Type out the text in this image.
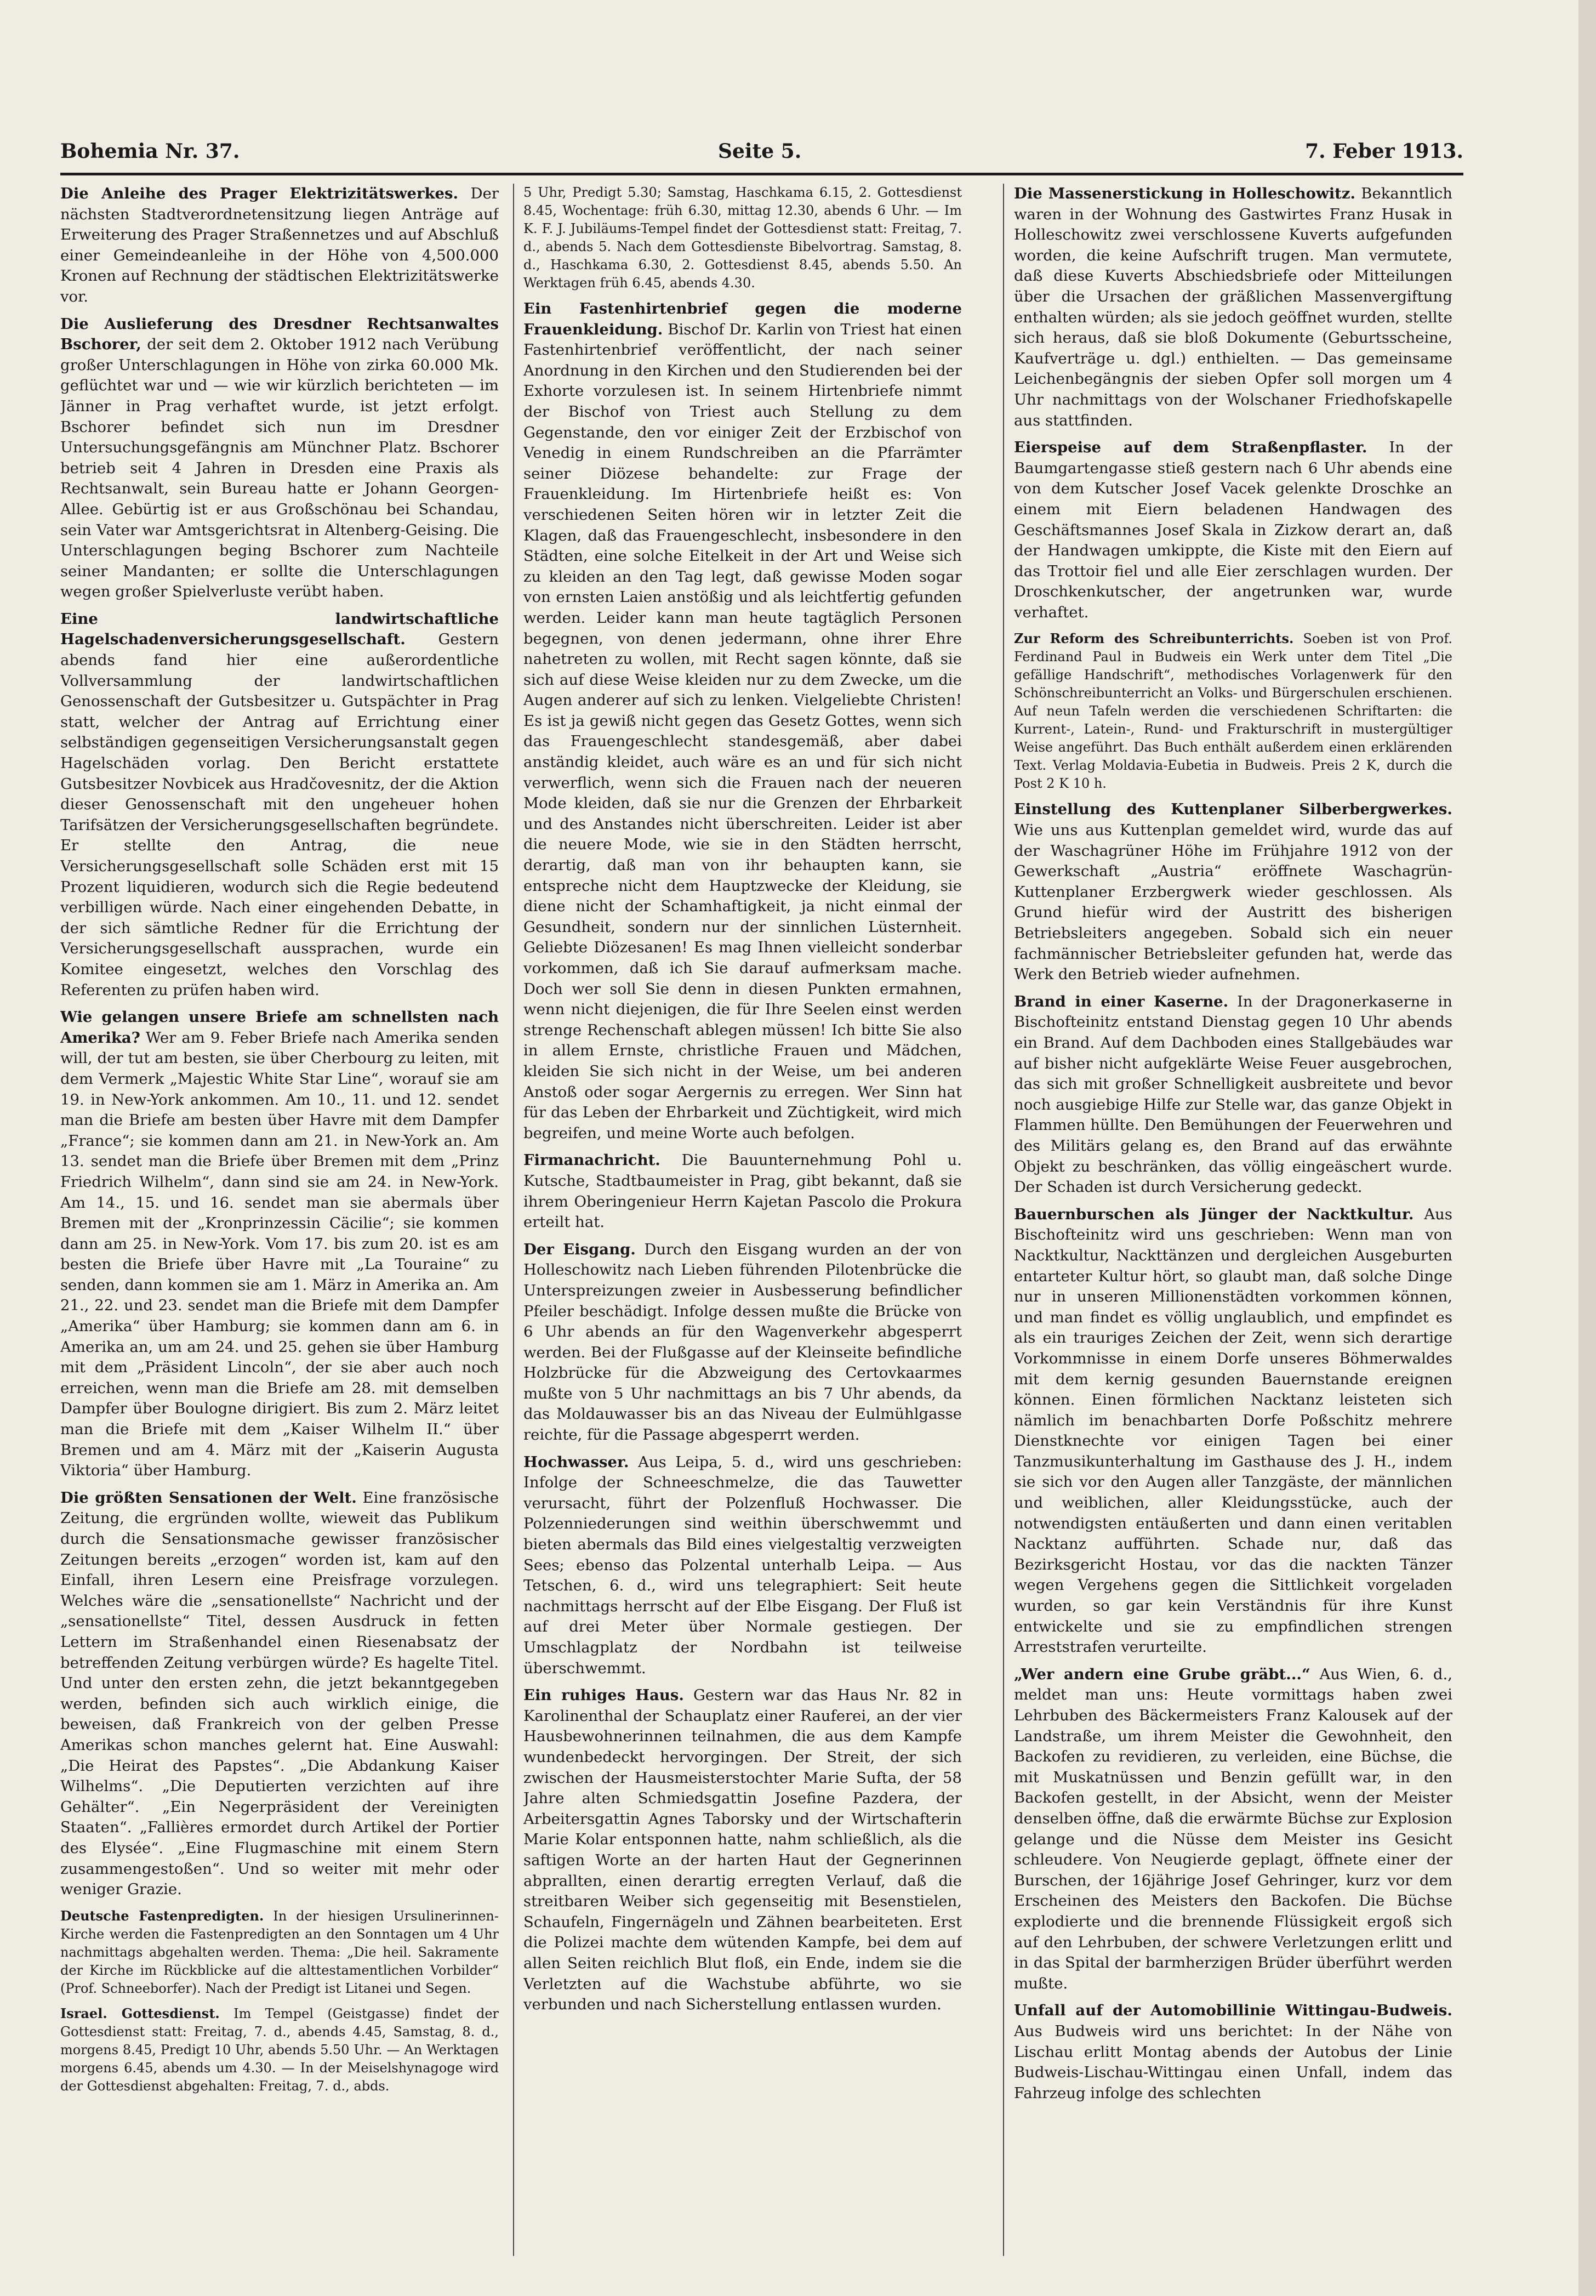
Bohemia Nr. 37.	Seite 5.	7. Feber 1913.

Die Anleihe des Prager Elektrizitätswerkes. Der nächsten Stadtverordnetensitzung liegen Anträge auf Erweiterung des Prager Straßennetzes und auf Abschluß einer Gemeindeanleihe in der Höhe von 4,500.000 Kronen auf Rechnung der städtischen Elektrizitätswerke vor.

Die Auslieferung des Dresdner Rechtsanwaltes Bschorer, der seit dem 2. Oktober 1912 nach Verübung großer Unterschlagungen in Höhe von zirka 60.000 Mk. geflüchtet war und — wie wir kürzlich berichteten — im Jänner in Prag verhaftet wurde, ist jetzt erfolgt. Bschorer befindet sich nun im Dresdner Untersuchungsgefängnis am Münchner Platz. Bschorer betrieb seit 4 Jahren in Dresden eine Praxis als Rechtsanwalt, sein Bureau hatte er Johann Georgen-Allee. Gebürtig ist er aus Großschönau bei Schandau, sein Vater war Amtsgerichtsrat in Altenberg-Geising. Die Unterschlagungen beging Bschorer zum Nachteile seiner Mandanten; er sollte die Unterschlagungen wegen großer Spielverluste verübt haben.

Eine landwirtschaftliche Hagelschadenversicherungsgesellschaft. Gestern abends fand hier eine außerordentliche Vollversammlung der landwirtschaftlichen Genossenschaft der Gutsbesitzer u. Gutspächter in Prag statt, welcher der Antrag auf Errichtung einer selbständigen gegenseitigen Versicherungsanstalt gegen Hagelschäden vorlag. Den Bericht erstattete Gutsbesitzer Novbicek aus Hradčovesnitz, der die Aktion dieser Genossenschaft mit den ungeheuer hohen Tarifsätzen der Versicherungsgesellschaften begründete. Er stellte den Antrag, die neue Versicherungsgesellschaft solle Schäden erst mit 15 Prozent liquidieren, wodurch sich die Regie bedeutend verbilligen würde. Nach einer eingehenden Debatte, in der sich sämtliche Redner für die Errichtung der Versicherungsgesellschaft aussprachen, wurde ein Komitee eingesetzt, welches den Vorschlag des Referenten zu prüfen haben wird.

Wie gelangen unsere Briefe am schnellsten nach Amerika? Wer am 9. Feber Briefe nach Amerika senden will, der tut am besten, sie über Cherbourg zu leiten, mit dem Vermerk „Majestic White Star Line“, worauf sie am 19. in New-York ankommen. Am 10., 11. und 12. sendet man die Briefe am besten über Havre mit dem Dampfer „France“; sie kommen dann am 21. in New-York an. Am 13. sendet man die Briefe über Bremen mit dem „Prinz Friedrich Wilhelm“, dann sind sie am 24. in New-York. Am 14., 15. und 16. sendet man sie abermals über Bremen mit der „Kronprinzessin Cäcilie“; sie kommen dann am 25. in New-York. Vom 17. bis zum 20. ist es am besten die Briefe über Havre mit „La Touraine“ zu senden, dann kommen sie am 1. März in Amerika an. Am 21., 22. und 23. sendet man die Briefe mit dem Dampfer „Amerika“ über Hamburg; sie kommen dann am 6. in Amerika an, um am 24. und 25. gehen sie über Hamburg mit dem „Präsident Lincoln“, der sie aber auch noch erreichen, wenn man die Briefe am 28. mit demselben Dampfer über Boulogne dirigiert. Bis zum 2. März leitet man die Briefe mit dem „Kaiser Wilhelm II.“ über Bremen und am 4. März mit der „Kaiserin Augusta Viktoria“ über Hamburg.

Die größten Sensationen der Welt. Eine französische Zeitung, die ergründen wollte, wieweit das Publikum durch die Sensationsmache gewisser französischer Zeitungen bereits „erzogen“ worden ist, kam auf den Einfall, ihren Lesern eine Preisfrage vorzulegen. Welches wäre die „sensationellste“ Nachricht und der „sensationellste“ Titel, dessen Ausdruck in fetten Lettern im Straßenhandel einen Riesenabsatz der betreffenden Zeitung verbürgen würde? Es hagelte Titel. Und unter den ersten zehn, die jetzt bekanntgegeben werden, befinden sich auch wirklich einige, die beweisen, daß Frankreich von der gelben Presse Amerikas schon manches gelernt hat. Eine Auswahl: „Die Heirat des Papstes“. „Die Abdankung Kaiser Wilhelms“. „Die Deputierten verzichten auf ihre Gehälter“. „Ein Negerpräsident der Vereinigten Staaten“. „Fallières ermordet durch Artikel der Portier des Elysée“. „Eine Flugmaschine mit einem Stern zusammengestoßen“. Und so weiter mit mehr oder weniger Grazie.

Deutsche Fastenpredigten. In der hiesigen Ursulinerinnen-Kirche werden die Fastenpredigten an den Sonntagen um 4 Uhr nachmittags abgehalten werden. Thema: „Die heil. Sakramente der Kirche im Rückblicke auf die alttestamentlichen Vorbilder“ (Prof. Schneeborfer). Nach der Predigt ist Litanei und Segen.

Israel. Gottesdienst. Im Tempel (Geistgasse) findet der Gottesdienst statt: Freitag, 7. d., abends 4.45, Samstag, 8. d., morgens 8.45, Predigt 10 Uhr, abends 5.50 Uhr. — An Werktagen morgens 6.45, abends um 4.30. — In der Meiselshynagoge wird der Gottesdienst abgehalten: Freitag, 7. d., abds.

5 Uhr, Predigt 5.30; Samstag, Haschkama 6.15, 2. Gottesdienst 8.45, Wochentage: früh 6.30, mittag 12.30, abends 6 Uhr. — Im K. F. J. Jubiläums-Tempel findet der Gottesdienst statt: Freitag, 7. d., abends 5. Nach dem Gottesdienste Bibelvortrag. Samstag, 8. d., Haschkama 6.30, 2. Gottesdienst 8.45, abends 5.50. An Werktagen früh 6.45, abends 4.30.

Ein Fastenhirtenbrief gegen die moderne Frauenkleidung. Bischof Dr. Karlin von Triest hat einen Fastenhirtenbrief veröffentlicht, der nach seiner Anordnung in den Kirchen und den Studierenden bei der Exhorte vorzulesen ist. In seinem Hirtenbriefe nimmt der Bischof von Triest auch Stellung zu dem Gegenstande, den vor einiger Zeit der Erzbischof von Venedig in einem Rundschreiben an die Pfarrämter seiner Diözese behandelte: zur Frage der Frauenkleidung. Im Hirtenbriefe heißt es: Von verschiedenen Seiten hören wir in letzter Zeit die Klagen, daß das Frauengeschlecht, insbesondere in den Städten, eine solche Eitelkeit in der Art und Weise sich zu kleiden an den Tag legt, daß gewisse Moden sogar von ernsten Laien anstößig und als leichtfertig gefunden werden. Leider kann man heute tagtäglich Personen begegnen, von denen jedermann, ohne ihrer Ehre nahetreten zu wollen, mit Recht sagen könnte, daß sie sich auf diese Weise kleiden nur zu dem Zwecke, um die Augen anderer auf sich zu lenken. Vielgeliebte Christen! Es ist ja gewiß nicht gegen das Gesetz Gottes, wenn sich das Frauengeschlecht standesgemäß, aber dabei anständig kleidet, auch wäre es an und für sich nicht verwerflich, wenn sich die Frauen nach der neueren Mode kleiden, daß sie nur die Grenzen der Ehrbarkeit und des Anstandes nicht überschreiten. Leider ist aber die neuere Mode, wie sie in den Städten herrscht, derartig, daß man von ihr behaupten kann, sie entspreche nicht dem Hauptzwecke der Kleidung, sie diene nicht der Schamhaftigkeit, ja nicht einmal der Gesundheit, sondern nur der sinnlichen Lüsternheit. Geliebte Diözesanen! Es mag Ihnen vielleicht sonderbar vorkommen, daß ich Sie darauf aufmerksam mache. Doch wer soll Sie denn in diesen Punkten ermahnen, wenn nicht diejenigen, die für Ihre Seelen einst werden strenge Rechenschaft ablegen müssen! Ich bitte Sie also in allem Ernste, christliche Frauen und Mädchen, kleiden Sie sich nicht in der Weise, um bei anderen Anstoß oder sogar Aergernis zu erregen. Wer Sinn hat für das Leben der Ehrbarkeit und Züchtigkeit, wird mich begreifen, und meine Worte auch befolgen.

Firmanachricht. Die Bauunternehmung Pohl u. Kutsche, Stadtbaumeister in Prag, gibt bekannt, daß sie ihrem Oberingenieur Herrn Kajetan Pascolo die Prokura erteilt hat.

Der Eisgang. Durch den Eisgang wurden an der von Holleschowitz nach Lieben führenden Pilotenbrücke die Unterspreizungen zweier in Ausbesserung befindlicher Pfeiler beschädigt. Infolge dessen mußte die Brücke von 6 Uhr abends an für den Wagenverkehr abgesperrt werden. Bei der Flußgasse auf der Kleinseite befindliche Holzbrücke für die Abzweigung des Certovkaarmes mußte von 5 Uhr nachmittags an bis 7 Uhr abends, da das Moldauwasser bis an das Niveau der Eulmühlgasse reichte, für die Passage abgesperrt werden.

Hochwasser. Aus Leipa, 5. d., wird uns geschrieben: Infolge der Schneeschmelze, die das Tauwetter verursacht, führt der Polzenfluß Hochwasser. Die Polzenniederungen sind weithin überschwemmt und bieten abermals das Bild eines vielgestaltig verzweigten Sees; ebenso das Polzental unterhalb Leipa. — Aus Tetschen, 6. d., wird uns telegraphiert: Seit heute nachmittags herrscht auf der Elbe Eisgang. Der Fluß ist auf drei Meter über Normale gestiegen. Der Umschlagplatz der Nordbahn ist teilweise überschwemmt.

Ein ruhiges Haus. Gestern war das Haus Nr. 82 in Karolinenthal der Schauplatz einer Rauferei, an der vier Hausbewohnerinnen teilnahmen, die aus dem Kampfe wundenbedeckt hervorgingen. Der Streit, der sich zwischen der Hausmeisterstochter Marie Sufta, der 58 Jahre alten Schmiedsgattin Josefine Pazdera, der Arbeitersgattin Agnes Taborsky und der Wirtschafterin Marie Kolar entsponnen hatte, nahm schließlich, als die saftigen Worte an der harten Haut der Gegnerinnen abprallten, einen derartig erregten Verlauf, daß die streitbaren Weiber sich gegenseitig mit Besenstielen, Schaufeln, Fingernägeln und Zähnen bearbeiteten. Erst die Polizei machte dem wütenden Kampfe, bei dem auf allen Seiten reichlich Blut floß, ein Ende, indem sie die Verletzten auf die Wachstube abführte, wo sie verbunden und nach Sicherstellung entlassen wurden.

Die Massenerstickung in Holleschowitz. Bekanntlich waren in der Wohnung des Gastwirtes Franz Husak in Holleschowitz zwei verschlossene Kuverts aufgefunden worden, die keine Aufschrift trugen. Man vermutete, daß diese Kuverts Abschiedsbriefe oder Mitteilungen über die Ursachen der gräßlichen Massenvergiftung enthalten würden; als sie jedoch geöffnet wurden, stellte sich heraus, daß sie bloß Dokumente (Geburtsscheine, Kaufverträge u. dgl.) enthielten. — Das gemeinsame Leichenbegängnis der sieben Opfer soll morgen um 4 Uhr nachmittags von der Wolschaner Friedhofskapelle aus stattfinden.

Eierspeise auf dem Straßenpflaster. In der Baumgartengasse stieß gestern nach 6 Uhr abends eine von dem Kutscher Josef Vacek gelenkte Droschke an einem mit Eiern beladenen Handwagen des Geschäftsmannes Josef Skala in Zizkow derart an, daß der Handwagen umkippte, die Kiste mit den Eiern auf das Trottoir fiel und alle Eier zerschlagen wurden. Der Droschkenkutscher, der angetrunken war, wurde verhaftet.

Zur Reform des Schreibunterrichts. Soeben ist von Prof. Ferdinand Paul in Budweis ein Werk unter dem Titel „Die gefällige Handschrift“, methodisches Vorlagenwerk für den Schönschreibunterricht an Volks- und Bürgerschulen erschienen. Auf neun Tafeln werden die verschiedenen Schriftarten: die Kurrent-, Latein-, Rund- und Frakturschrift in mustergültiger Weise angeführt. Das Buch enthält außerdem einen erklärenden Text. Verlag Moldavia-Eubetia in Budweis. Preis 2 K, durch die Post 2 K 10 h.

Einstellung des Kuttenplaner Silberbergwerkes. Wie uns aus Kuttenplan gemeldet wird, wurde das auf der Waschagrüner Höhe im Frühjahre 1912 von der Gewerkschaft „Austria“ eröffnete Waschagrün-Kuttenplaner Erzbergwerk wieder geschlossen. Als Grund hiefür wird der Austritt des bisherigen Betriebsleiters angegeben. Sobald sich ein neuer fachmännischer Betriebsleiter gefunden hat, werde das Werk den Betrieb wieder aufnehmen.

Brand in einer Kaserne. In der Dragonerkaserne in Bischofteinitz entstand Dienstag gegen 10 Uhr abends ein Brand. Auf dem Dachboden eines Stallgebäudes war auf bisher nicht aufgeklärte Weise Feuer ausgebrochen, das sich mit großer Schnelligkeit ausbreitete und bevor noch ausgiebige Hilfe zur Stelle war, das ganze Objekt in Flammen hüllte. Den Bemühungen der Feuerwehren und des Militärs gelang es, den Brand auf das erwähnte Objekt zu beschränken, das völlig eingeäschert wurde. Der Schaden ist durch Versicherung gedeckt.

Bauernburschen als Jünger der Nacktkultur. Aus Bischofteinitz wird uns geschrieben: Wenn man von Nacktkultur, Nackttänzen und dergleichen Ausgeburten entarteter Kultur hört, so glaubt man, daß solche Dinge nur in unseren Millionenstädten vorkommen können, und man findet es völlig unglaublich, und empfindet es als ein trauriges Zeichen der Zeit, wenn sich derartige Vorkommnisse in einem Dorfe unseres Böhmerwaldes mit dem kernig gesunden Bauernstande ereignen können. Einen förmlichen Nacktanz leisteten sich nämlich im benachbarten Dorfe Poßschitz mehrere Dienstknechte vor einigen Tagen bei einer Tanzmusikunterhaltung im Gasthause des J. H., indem sie sich vor den Augen aller Tanzgäste, der männlichen und weiblichen, aller Kleidungsstücke, auch der notwendigsten entäußerten und dann einen veritablen Nacktanz aufführten. Schade nur, daß das Bezirksgericht Hostau, vor das die nackten Tänzer wegen Vergehens gegen die Sittlichkeit vorgeladen wurden, so gar kein Verständnis für ihre Kunst entwickelte und sie zu empfindlichen strengen Arreststrafen verurteilte.

„Wer andern eine Grube gräbt...“ Aus Wien, 6. d., meldet man uns: Heute vormittags haben zwei Lehrbuben des Bäckermeisters Franz Kalousek auf der Landstraße, um ihrem Meister die Gewohnheit, den Backofen zu revidieren, zu verleiden, eine Büchse, die mit Muskatnüssen und Benzin gefüllt war, in den Backofen gestellt, in der Absicht, wenn der Meister denselben öffne, daß die erwärmte Büchse zur Explosion gelange und die Nüsse dem Meister ins Gesicht schleudere. Von Neugierde geplagt, öffnete einer der Burschen, der 16jährige Josef Gehringer, kurz vor dem Erscheinen des Meisters den Backofen. Die Büchse explodierte und die brennende Flüssigkeit ergoß sich auf den Lehrbuben, der schwere Verletzungen erlitt und in das Spital der barmherzigen Brüder überführt werden mußte.

Unfall auf der Automobillinie Wittingau-Budweis. Aus Budweis wird uns berichtet: In der Nähe von Lischau erlitt Montag abends der Autobus der Linie Budweis-Lischau-Wittingau einen Unfall, indem das Fahrzeug infolge des schlechten
